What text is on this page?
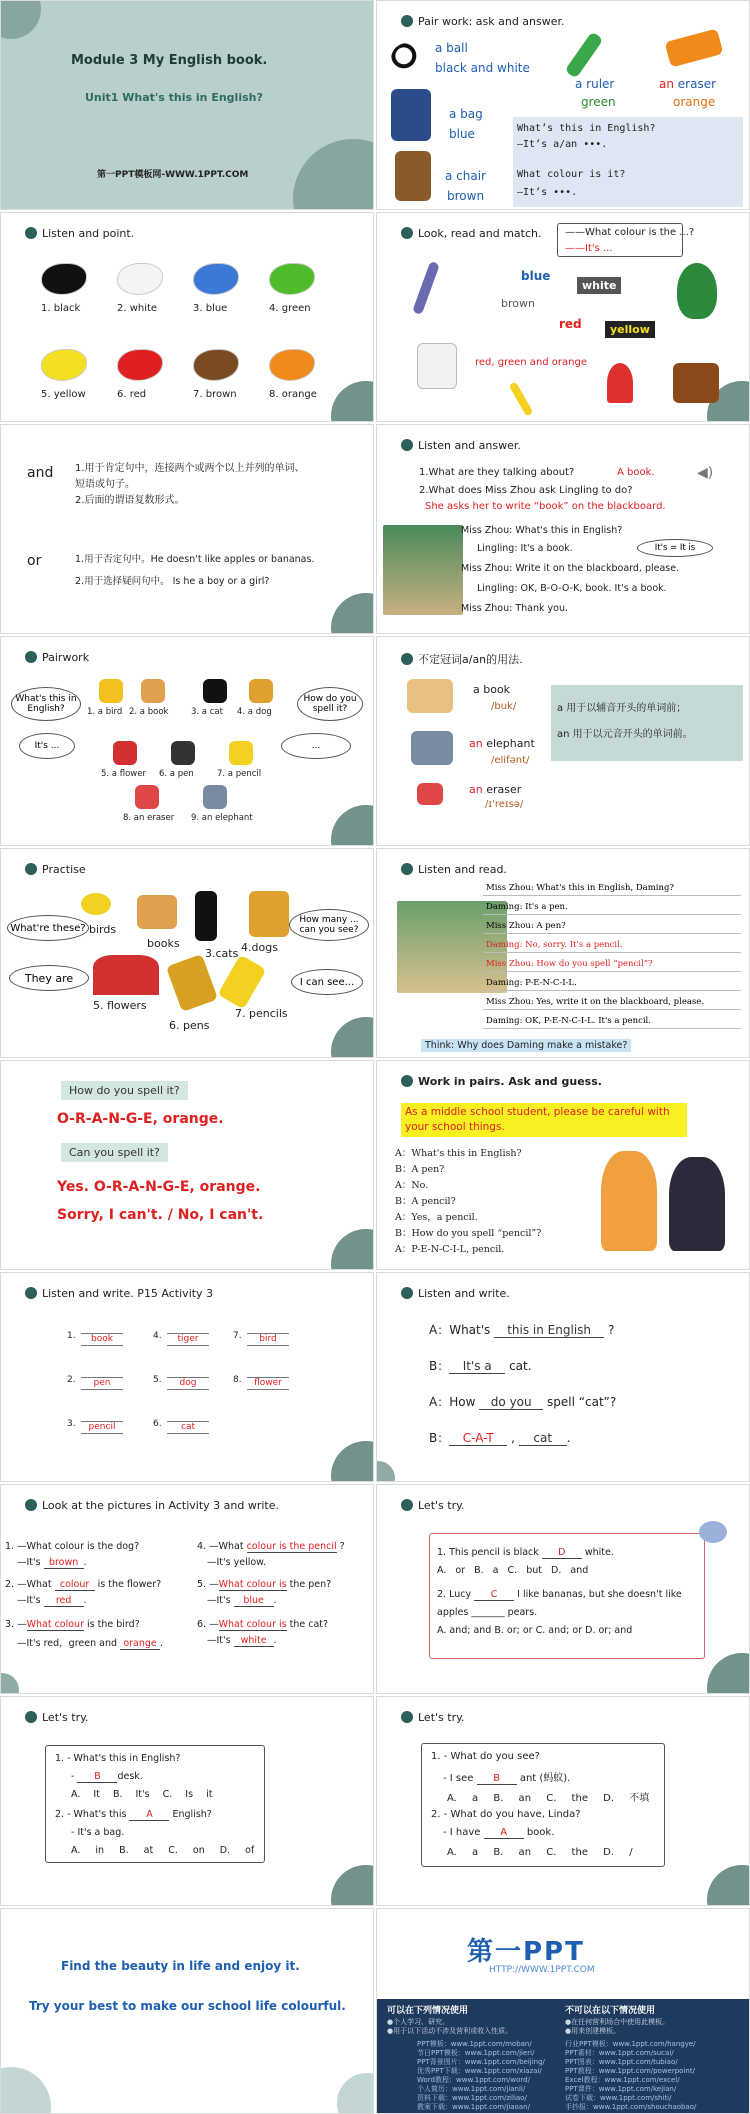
Module 3 My English book.
Unit1 What's this in English?
第一PPT模板网-WWW.1PPT.COM
Pair work: ask and answer.
a ball
black and white
a ruler
green
an eraser
orange
a bag
blue
a chair
brown
What’s this in English?
—It’s a/an •••.
What colour is it?
—It’s •••.
Listen and point.
1. black	2. white	3. blue	4. green
5. yellow	6. red	7. brown	8. orange
Look, read and match. ——What colour is the ...?
——It's ...
blue
white
brown
red	yellow
red, green and orange
and 1.用于肯定句中，连接两个或两个以上并列的单词、
短语或句子。
2.后面的谓语复数形式。
or	1.用于否定句中。He doesn't like apples or bananas.
2.用于选择疑问句中。 Is he a boy or a girl?
Listen and answer.
◀)
1.What are they talking about?	A book.
2.What does Miss Zhou ask Lingling to do?
She asks her to write “book” on the blackboard.
Miss Zhou: What's this in English?
Lingling: It's a book.	It's = It is
Miss Zhou: Write it on the blackboard, please.
Lingling: OK, B-O-O-K, book. It's a book.
Miss Zhou: Thank you.
Pairwork
What's this in English?
How do you spell it?
It's ...	...
1. a bird 2. a book	3. a cat 4. a dog
5. a flower 6. a pen	7. a pencil
8. an eraser 9. an elephant
不定冠词a/an的用法.
a book
/buk/
an elephant
/elifənt/
an eraser
/ɪ'reɪsə/
a 用于以辅音开头的单词前；
an 用于以元音开头的单词前。
Practise
What're these? birds
books
3.cats 4.dogs
How many ... can you see?
They are
5. flowers
6. pens
7. pencils
I can see...
Listen and read.
Miss Zhou: What's this in English, Daming?
Daming: It's a pen.
Miss Zhou: A pen?
Daming: No, sorry. It's a pencil.
Miss Zhou: How do you spell “pencil”?
Daming: P-E-N-C-I-L.
Miss Zhou: Yes, write it on the blackboard, please.
Daming: OK, P-E-N-C-I-L. It's a pencil.
Think: Why does Daming make a mistake?
How do you spell it?
O-R-A-N-G-E, orange.
Can you spell it?
Yes. O-R-A-N-G-E, orange.
Sorry, I can't. / No, I can't.
Work in pairs. Ask and guess.
As a middle school student, please be careful with your school things.
A：What's this in English?
B：A pen?
A：No.
B：A pencil?
A：Yes，a pencil.
B：How do you spell “pencil”?
A：P-E-N-C-I-L, pencil.
Listen and write. P15 Activity 3
1.	book
2.	pen
3.	pencil
4.	tiger
5.	dog
6.	cat
7.	bird
8.	flower
Listen and write.
A：What's this in English ?
B： It's a cat.
A：How do you spell “cat”?
B： C-A-T , cat .
Look at the pictures in Activity 3 and write.
1. —What colour is the dog?
—It's brown .
2. —What colour is the flower?
—It's red .
3. —What colour is the bird?
—It's red，green and orange .
4. —What colour is the pencil ?
—It's yellow.
5. —What colour is the pen?
—It's blue .
6. —What colour is the cat?
—It's white .
Let's try.
1. This pencil is black D white.
A. or B. a C. but D. and
2. Lucy C I like bananas, but she doesn't like
apples _______ pears.
A. and; and B. or; or C. and; or D. or; and
Let's try.
1. - What's this in English?
- B desk.
A. It B. It's C. Is it
2. - What's this A English?
- It's a bag.
A. in B. at C. on D. of
Let's try.
1. - What do you see?
- I see B ant (蚂蚁).
A. a B. an C. the D. 不填
2. - What do you have, Linda?
- I have A book.
A. a B. an C. the D. /
Find the beauty in life and enjoy it.
Try your best to make our school life colourful.
第一PPT
HTTP://WWW.1PPT.COM
可以在下列情况使用	不可以在以下情况使用
●个人学习、研究。
●用于以下活动不涉及营利或收入性质。
●在任何营利场合中使用此模板。
●用来创建模板。
PPT模板：www.1ppt.com/moban/
节日PPT模板：www.1ppt.com/jieri/
PPT背景图片：www.1ppt.com/beijing/
优秀PPT下载：www.1ppt.com/xiazai/
Word教程：www.1ppt.com/word/
个人简历：www.1ppt.com/jianli/
资料下载：www.1ppt.com/ziliao/
教案下载：www.1ppt.com/jiaoan/
行业PPT模板：www.1ppt.com/hangye/
PPT素材：www.1ppt.com/sucai/
PPT图表：www.1ppt.com/tubiao/
PPT教程：www.1ppt.com/powerpoint/
Excel教程：www.1ppt.com/excel/
PPT课件：www.1ppt.com/kejian/
试卷下载：www.1ppt.com/shiti/
手抄报：www.1ppt.com/shouchaobao/
